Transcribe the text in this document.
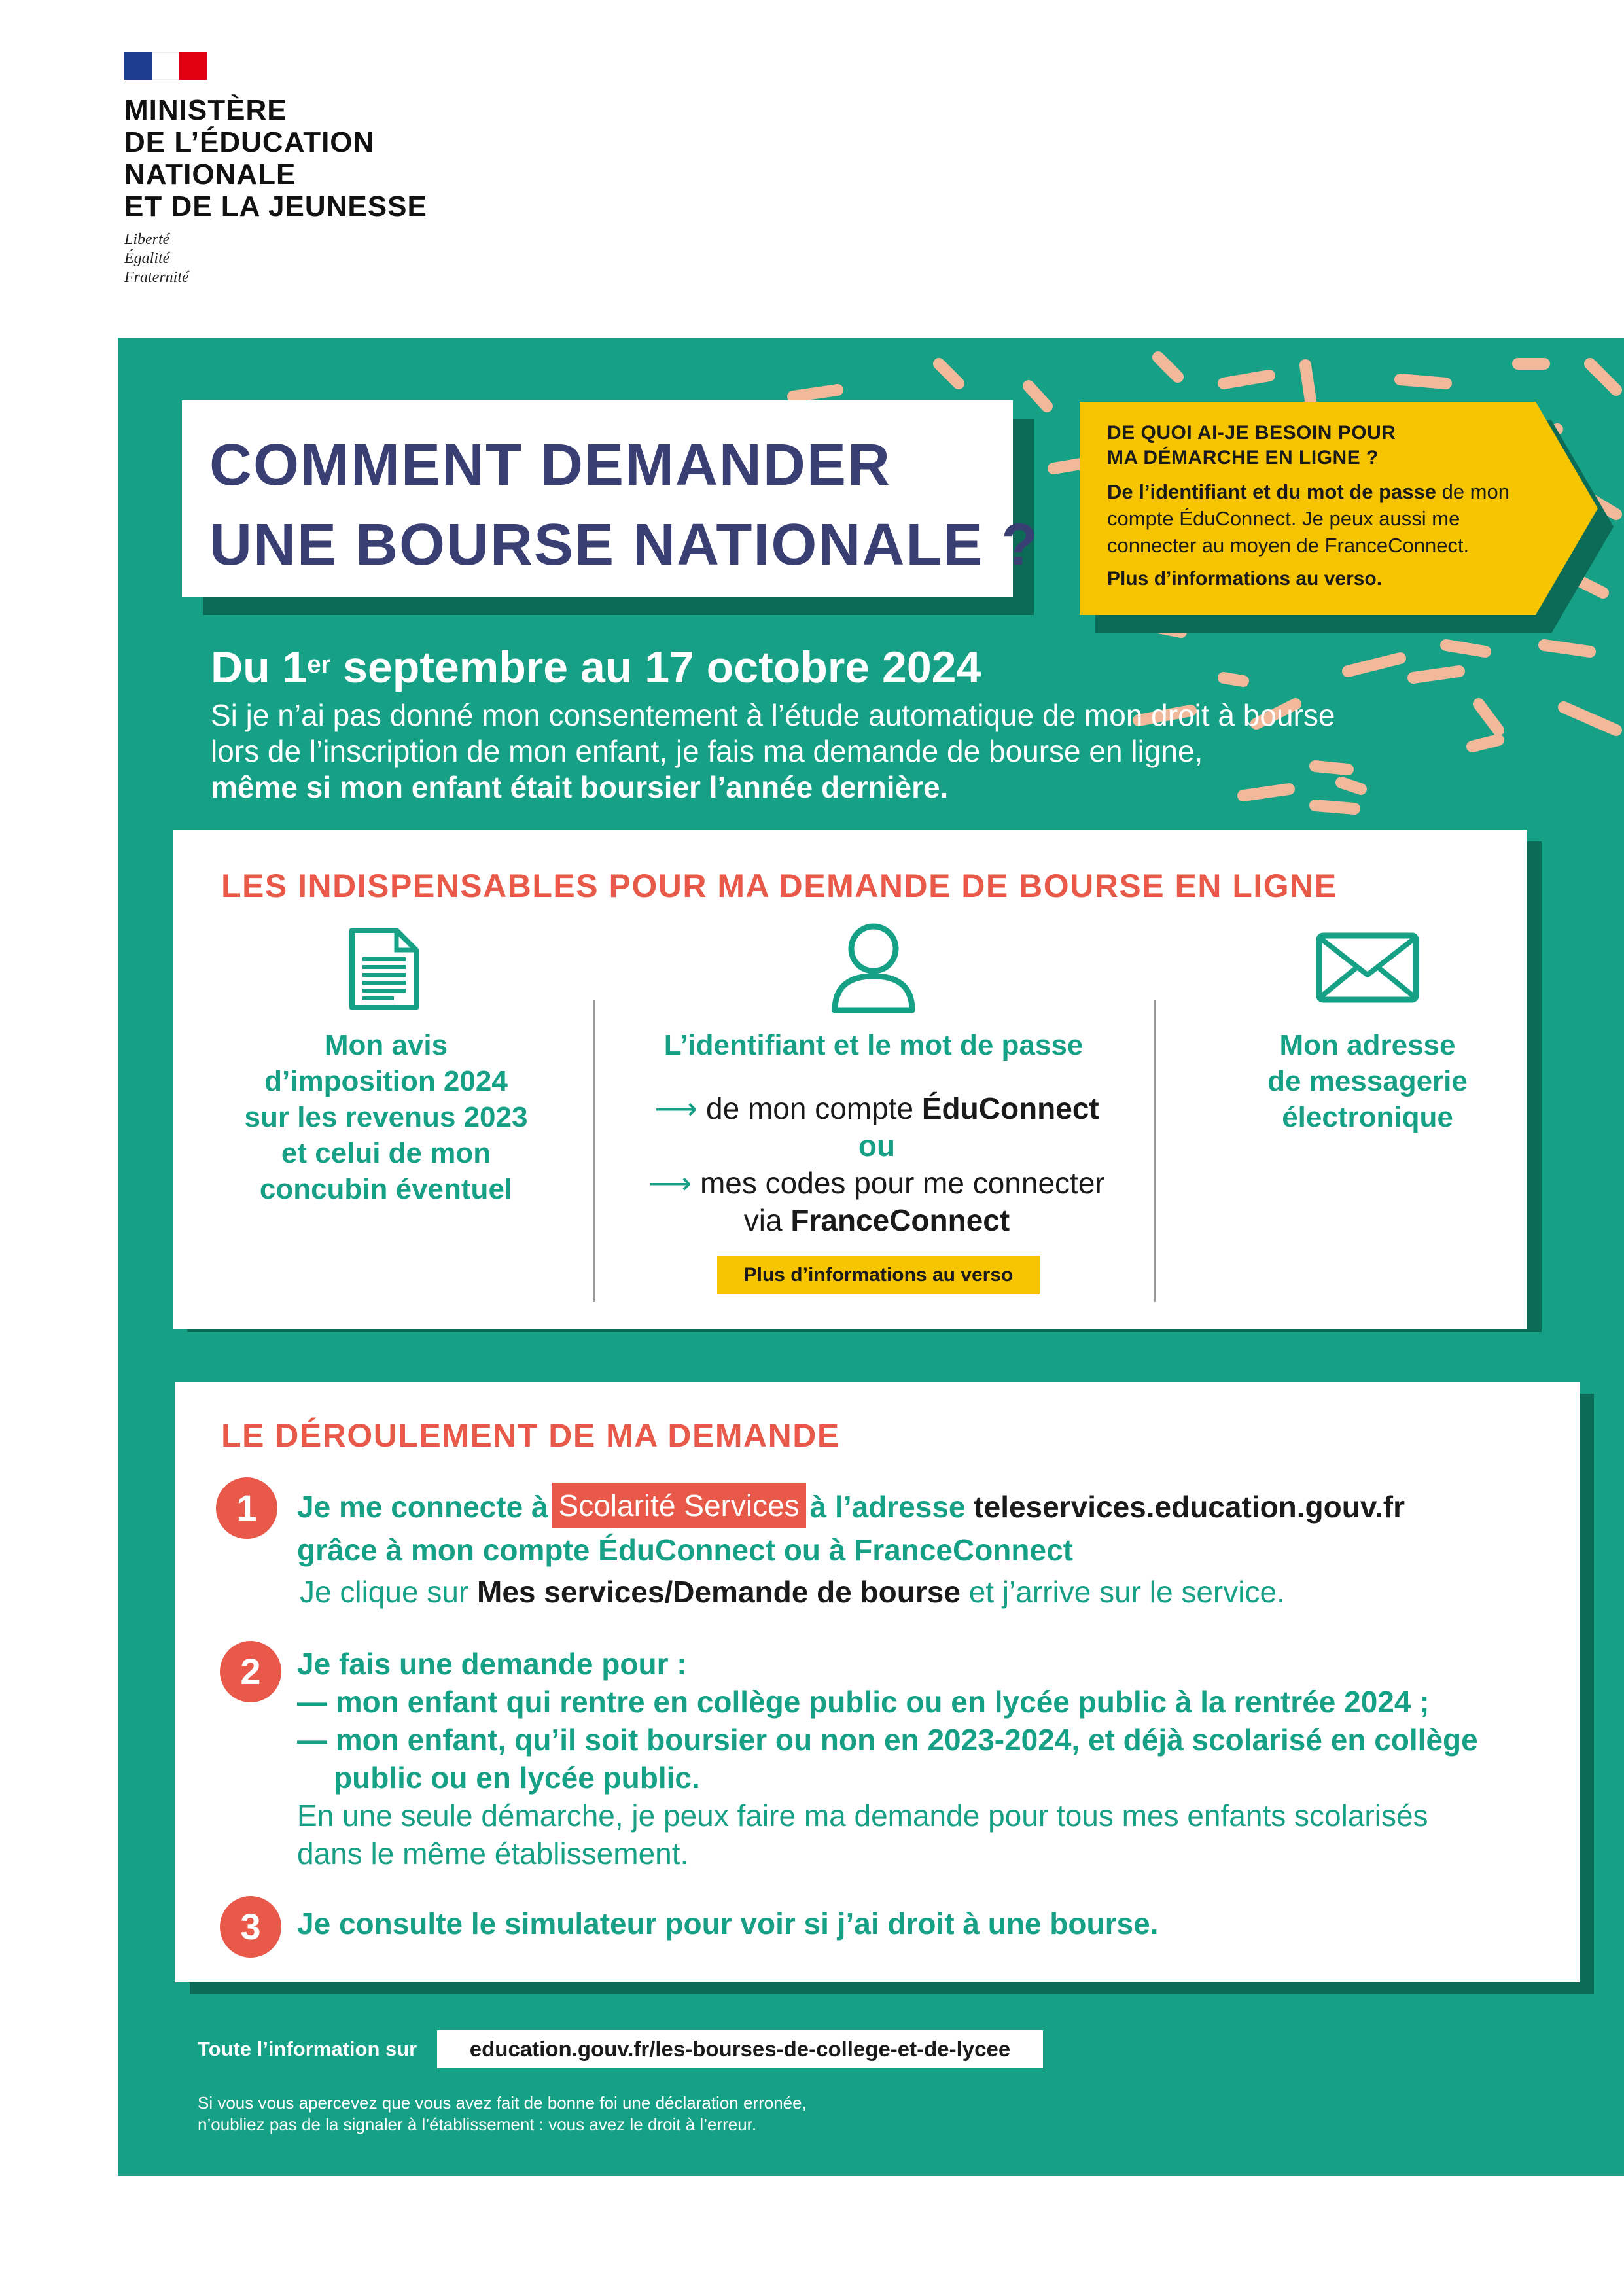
MINISTÈRE
DE L’ÉDUCATION
NATIONALE
ET DE LA JEUNESSE
Liberté
Égalité
Fraternité
COMMENT DEMANDER
UNE BOURSE NATIONALE ?
DE QUOI AI-JE BESOIN POUR
MA DÉMARCHE EN LIGNE ?
De l’identifiant et du mot de passe de mon
compte ÉduConnect. Je peux aussi me
connecter au moyen de FranceConnect.
Plus d’informations au verso.
Du 1er septembre au 17 octobre 2024
Si je n’ai pas donné mon consentement à l’étude automatique de mon droit à bourse
lors de l’inscription de mon enfant, je fais ma demande de bourse en ligne,
même si mon enfant était boursier l’année dernière.
LES INDISPENSABLES POUR MA DEMANDE DE BOURSE EN LIGNE
Mon avis
d’imposition 2024
sur les revenus 2023
et celui de mon
concubin éventuel
L’identifiant et le mot de passe
⟶ de mon compte ÉduConnect
ou
⟶ mes codes pour me connecter
via FranceConnect
Plus d’informations au verso
Mon adresse
de messagerie
électronique
LE DÉROULEMENT DE MA DEMANDE
1	Je me connecte à Scolarité Services à l’adresse teleservices.education.gouv.fr
grâce à mon compte ÉduConnect ou à FranceConnect
Je clique sur Mes services/Demande de bourse et j’arrive sur le service.
2	Je fais une demande pour :
— mon enfant qui rentre en collège public ou en lycée public à la rentrée 2024 ;
— mon enfant, qu’il soit boursier ou non en 2023-2024, et déjà scolarisé en collège
public ou en lycée public.
En une seule démarche, je peux faire ma demande pour tous mes enfants scolarisés
dans le même établissement.
3	Je consulte le simulateur pour voir si j’ai droit à une bourse.
Toute l’information sur	education.gouv.fr/les-bourses-de-college-et-de-lycee
Si vous vous apercevez que vous avez fait de bonne foi une déclaration erronée,
n’oubliez pas de la signaler à l’établissement : vous avez le droit à l’erreur.
